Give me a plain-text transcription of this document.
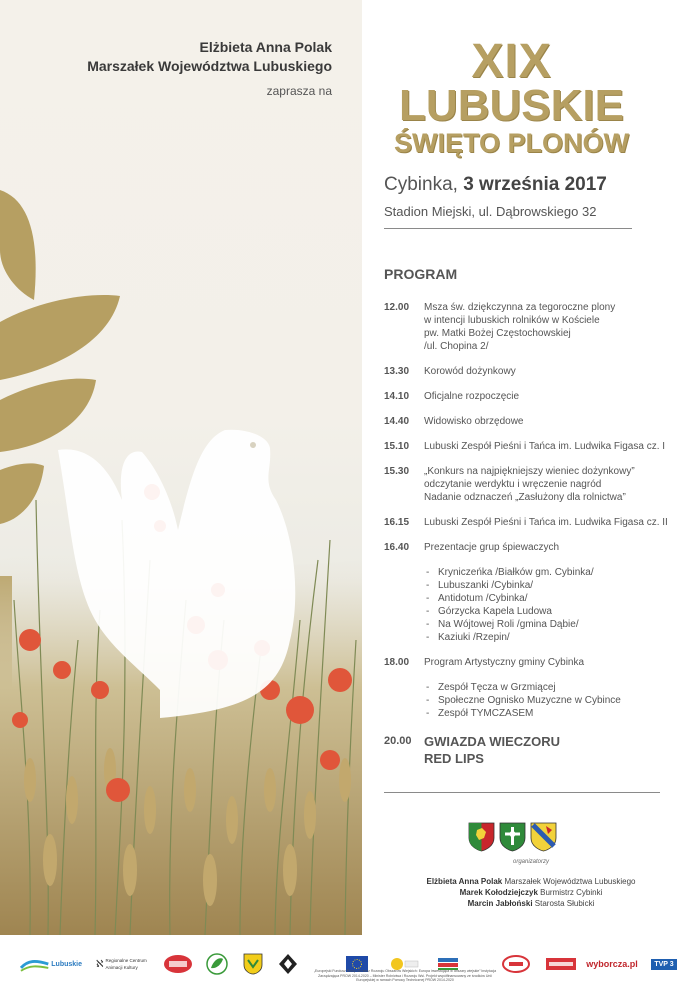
Elżbieta Anna Polak
Marszałek Województwa Lubuskiego
zaprasza na
XIX
LUBUSKIE
ŚWIĘTO PLONÓW
Cybinka, 3 września 2017
Stadion Miejski, ul. Dąbrowskiego 32
PROGRAM
12.00	Msza św. dziękczynna za tegoroczne plony
w intencji lubuskich rolników w Kościele
pw. Matki Bożej Częstochowskiej
/ul. Chopina 2/
13.30	Korowód dożynkowy
14.10	Oficjalne rozpoczęcie
14.40	Widowisko obrzędowe
15.10	Lubuski Zespół Pieśni i Tańca im. Ludwika Figasa cz. I
15.30	„Konkurs na najpiękniejszy wieniec dożynkowy”
odczytanie werdyktu i wręczenie nagród
Nadanie odznaczeń „Zasłużony dla rolnictwa”
16.15	Lubuski Zespół Pieśni i Tańca im. Ludwika Figasa cz. II
16.40	Prezentacje grup śpiewaczych
- Kryniczeńka /Białków gm. Cybinka/
- Lubuszanki /Cybinka/
- Antidotum /Cybinka/
- Górzycka Kapela Ludowa
- Na Wójtowej Roli /gmina Dąbie/
- Kaziuki /Rzepin/
18.00	Program Artystyczny gminy Cybinka
- Zespół Tęcza w Grzmiącej
- Społeczne Ognisko Muzyczne w Cybince
- Zespół TYMCZASEM
20.00 GWIAZDA WIECZORU
RED LIPS
organizatorzy
Elżbieta Anna Polak Marszałek Województwa Lubuskiego
Marek Kołodziejczyk Burmistrz Cybinki
Marcin Jabłoński Starosta Słubicki
Lubuskie ℵ Regionalne Centrum Animacji Kultury	wyborcza.pl	TVP 3
„Europejski Fundusz Rolny na rzecz Rozwoju Obszarów Wiejskich: Europa inwestująca w obszary wiejskie” Instytucja Zarządzająca PROW 2014-2020 – Minister Rolnictwa i Rozwoju Wsi. Projekt współfinansowany ze środków Unii Europejskiej w ramach Pomocy Technicznej PROW 2014-2020
